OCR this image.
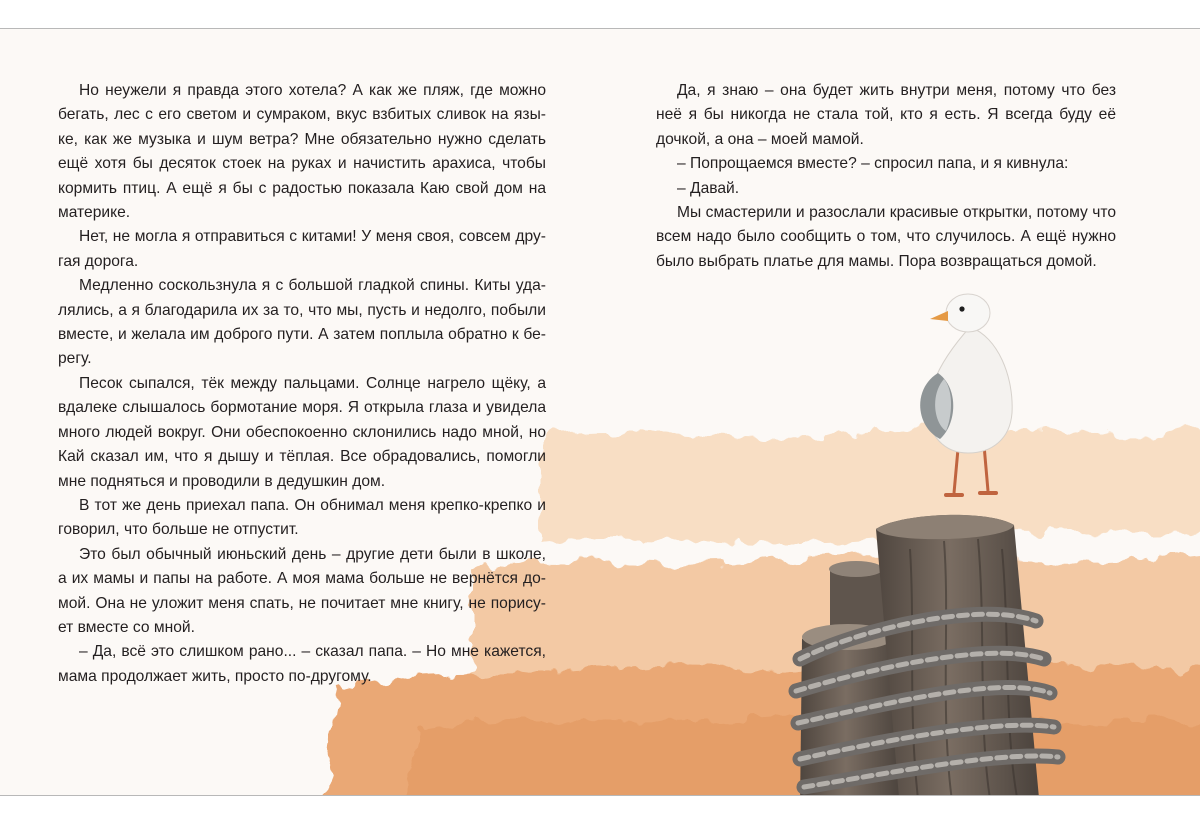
Но неужели я правда этого хотела? А как же пляж, где можно бегать, лес с его светом и сумраком, вкус взбитых сливок на языке, как же музыка и шум ветра? Мне обязательно нужно сделать ещё хотя бы десяток стоек на руках и начистить арахиса, чтобы кормить птиц. А ещё я бы с радостью показала Каю свой дом на материке.

Нет, не могла я отправиться с китами! У меня своя, совсем другая дорога.

Медленно соскользнула я с большой гладкой спины. Киты удалялись, а я благодарила их за то, что мы, пусть и недолго, побыли вместе, и желала им доброго пути. А затем поплыла обратно к берегу.

Песок сыпался, тёк между пальцами. Солнце нагрело щёку, а вдалеке слышалось бормотание моря. Я открыла глаза и увидела много людей вокруг. Они обеспокоенно склонились надо мной, но Кай сказал им, что я дышу и тёплая. Все обрадовались, помогли мне подняться и проводили в дедушкин дом.

В тот же день приехал папа. Он обнимал меня крепко-крепко и говорил, что больше не отпустит.

Это был обычный июньский день – другие дети были в школе, а их мамы и папы на работе. А моя мама больше не вернётся домой. Она не уложит меня спать, не почитает мне книгу, не порисует вместе со мной.

– Да, всё это слишком рано... – сказал папа. – Но мне кажется, мама продолжает жить, просто по-другому.

Да, я знаю – она будет жить внутри меня, потому что без неё я бы никогда не стала той, кто я есть. Я всегда буду её дочкой, а она – моей мамой.

– Попрощаемся вместе? – спросил папа, и я кивнула:

– Давай.

Мы смастерили и разослали красивые открытки, потому что всем надо было сообщить о том, что случилось. А ещё нужно было выбрать платье для мамы. Пора возвращаться домой.
